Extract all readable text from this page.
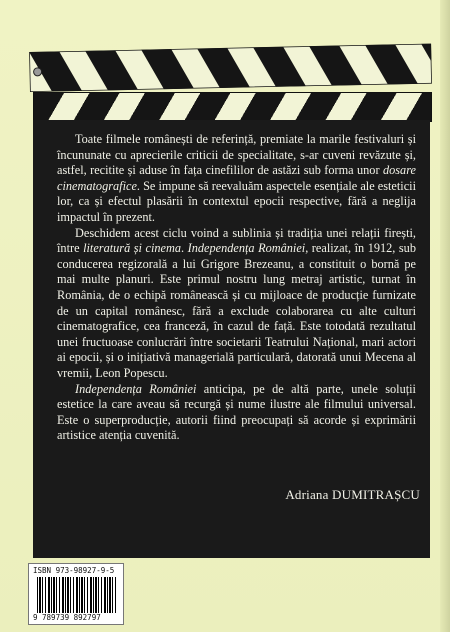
Toate filmele românești de referință, premiate la marile festivaluri și încununate cu aprecierile criticii de specialitate, s-ar cuveni revăzute și, astfel, recitite și aduse în fața cinefililor de astăzi sub forma unor dosare cinematografice. Se impune să reevaluăm aspectele esențiale ale esteticii lor, ca și efectul plasării în contextul epocii respective, fără a neglija impactul în prezent.

Deschidem acest ciclu voind a sublinia și tradiția unei relații firești, între literatură și cinema. Independența României, realizat, în 1912, sub conducerea regizorală a lui Grigore Brezeanu, a constituit o bornă pe mai multe planuri. Este primul nostru lung metraj artistic, turnat în România, de o echipă românească și cu mijloace de producție furnizate de un capital românesc, fără a exclude colaborarea cu alte culturi cinematografice, cea franceză, în cazul de față. Este totodată rezultatul unei fructuoase conlucrări între societarii Teatrului Național, mari actori ai epocii, și o inițiativă managerială particulară, datorată unui Mecena al vremii, Leon Popescu.

Independența României anticipa, pe de altă parte, unele soluții estetice la care aveau să recurgă și nume ilustre ale filmului universal. Este o superproducție, autorii fiind preocupați să acorde și exprimării artistice atenția cuvenită.

Adriana DUMITRAȘCU
ISBN 973-98927-9-5
9 789739 892797
